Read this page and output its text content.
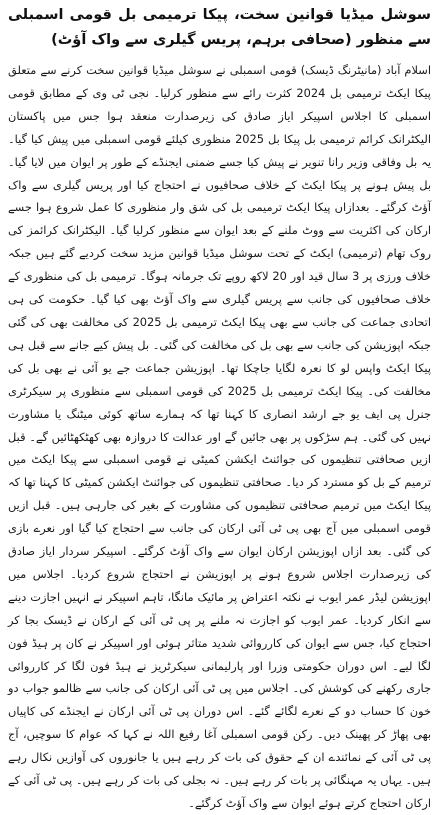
سوشل میڈیا قوانین سخت، پیکا ترمیمی بل قومی اسمبلی سے منظور (صحافی برہم، پریس گیلری سے واک آؤٹ)

اسلام آباد (مانیٹرنگ ڈیسک) قومی اسمبلی نے سوشل میڈیا قوانین سخت کرنے سے متعلق پیکا ایکٹ ترمیمی بل 2024 کثرت رائے سے منظور کرلیا۔ نجی ٹی وی کے مطابق قومی اسمبلی کا اجلاس اسپیکر ایاز صادق کی زیرصدارت منعقد ہوا جس میں پاکستان الیکٹرانک کرائم ترمیمی بل پیکا بل 2025 منظوری کیلئے قومی اسمبلی میں پیش کیا گیا۔ یہ بل وفاقی وزیر رانا تنویر نے پیش کیا جسے ضمنی ایجنڈے کے طور پر ایوان میں لایا گیا۔ بل پیش ہونے پر پیکا ایکٹ کے خلاف صحافیوں نے احتجاج کیا اور پریس گیلری سے واک آؤٹ کرگئے۔ بعدازاں پیکا ایکٹ ترمیمی بل کی شق وار منظوری کا عمل شروع ہوا جسے ارکان کی اکثریت سے ووٹ ملنے کے بعد ایوان سے منظور کرلیا گیا۔ الیکٹرانک کرائمز کی روک تھام (ترمیمی) ایکٹ کے تحت سوشل میڈیا قوانین مزید سخت کردیے گئے ہیں جبکہ خلاف ورزی پر 3 سال قید اور 20 لاکھ روپے تک جرمانہ ہوگا۔ ترمیمی بل کی منظوری کے خلاف صحافیوں کی جانب سے پریس گیلری سے واک آؤٹ بھی کیا گیا۔ حکومت کی ہی اتحادی جماعت کی جانب سے بھی پیکا ایکٹ ترمیمی بل 2025 کی مخالفت بھی کی گئی جبکہ اپوزیشن کی جانب سے بھی بل کی مخالفت کی گئی۔ بل پیش کیے جانے سے قبل ہی پیکا ایکٹ واپس لو کا نعرہ لگایا جاچکا تھا۔ اپوزیشن جماعت جے یو آئی نے بھی بل کی مخالفت کی۔ پیکا ایکٹ ترمیمی بل 2025 کی قومی اسمبلی سے منظوری پر سیکرٹری جنرل پی ایف یو جے ارشد انصاری کا کہنا تھا کہ ہمارے ساتھ کوئی میٹنگ یا مشاورت نہیں کی گئی۔ ہم سڑکوں پر بھی جائیں گے اور عدالت کا دروازہ بھی کھٹکھٹائیں گے۔ قبل ازیں صحافتی تنظیموں کی جوائنٹ ایکشن کمیٹی نے قومی اسمبلی سے پیکا ایکٹ میں ترمیم کے بل کو مسترد کر دیا۔ صحافتی تنظیموں کی جوائنٹ ایکشن کمیٹی کا کہنا تھا کہ پیکا ایکٹ میں ترمیم صحافتی تنظیموں کی مشاورت کے بغیر کی جارہی ہیں۔ قبل ازیں قومی اسمبلی میں آج بھی پی ٹی آئی ارکان کی جانب سے احتجاج کیا گیا اور نعرے بازی کی گئی۔ بعد ازاں اپوزیشن ارکان ایوان سے واک آؤٹ کرگئے۔ اسپیکر سردار ایاز صادق کی زیرصدارت اجلاس شروع ہونے پر اپوزیشن نے احتجاج شروع کردیا۔ اجلاس میں اپوزیشن لیڈر عمر ایوب نے نکتہ اعتراض پر مائیک مانگا، تاہم اسپیکر نے انہیں اجازت دینے سے انکار کردیا۔ عمر ایوب کو اجازت نہ ملنے پر پی ٹی آئی کے ارکان نے ڈیسک بجا کر احتجاج کیا، جس سے ایوان کی کارروائی شدید متاثر ہوئی اور اسپیکر نے کان پر ہیڈ فون لگا لیے۔ اس دوران حکومتی وزرا اور پارلیمانی سیکرٹریز نے ہیڈ فون لگا کر کارروائی جاری رکھنے کی کوشش کی۔ اجلاس میں پی ٹی آئی ارکان کی جانب سے ظالمو جواب دو خون کا حساب دو کے نعرے لگائے گئے۔ اس دوران پی ٹی آئی ارکان نے ایجنڈے کی کاپیاں بھی پھاڑ کر پھینک دیں۔ رکن قومی اسمبلی آغا رفیع اللہ نے کہا کہ عوام کا سوچیں، آج پی ٹی آئی کے نمائندے ان کے حقوق کی بات کر رہے ہیں یا جانوروں کی آوازیں نکال رہے ہیں۔ یہاں یہ مہنگائی پر بات کر رہے ہیں۔ نہ بجلی کی بات کر رہے ہیں۔ پی ٹی آئی کے ارکان احتجاج کرتے ہوئے ایوان سے واک آؤٹ کرگئے۔
